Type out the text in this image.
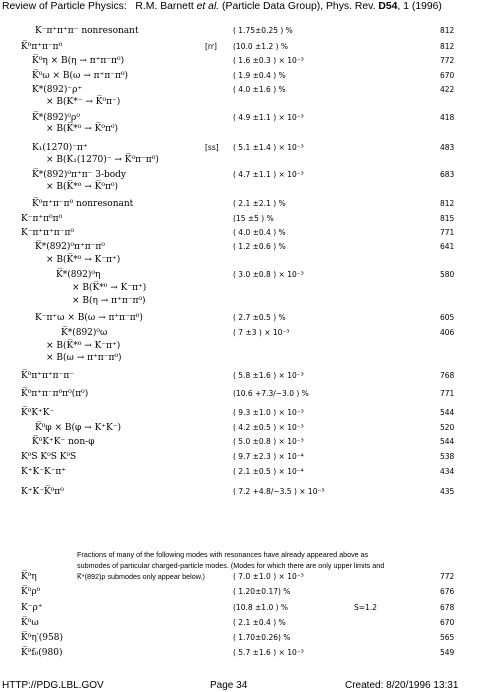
Review of Particle Physics: R.M. Barnett et al. (Particle Data Group), Phys. Rev. D54, 1 (1996)
K⁻π⁺π⁺π⁻ nonresonant	( 1.75±0.25 ) %	812
K̅⁰π⁺π⁻π⁰	[rr] (10.0 ±1.2 ) %	812
K̅⁰η × B(η → π⁺π⁻π⁰)	( 1.6 ±0.3 ) × 10⁻³	772
K̅⁰ω × B(ω → π⁺π⁻π⁰)	( 1.9 ±0.4 ) %	670
K*(892)⁻ρ⁺	( 4.0 ±1.6 ) %	422
× B(K*⁻ → K̅⁰π⁻)
K̅*(892)⁰ρ⁰	( 4.9 ±1.1 ) × 10⁻³	418
× B(K̅*⁰ → K̅⁰π⁰)
K₁(1270)⁻π⁺	[ss] ( 5.1 ±1.4 ) × 10⁻³	483
× B(K₁(1270)⁻ → K̅⁰π⁻π⁰)
K̅*(892)⁰π⁺π⁻ 3-body	( 4.7 ±1.1 ) × 10⁻³	683
× B(K̅*⁰ → K̅⁰π⁰)
K̅⁰π⁺π⁻π⁰ nonresonant	( 2.1 ±2.1 ) %	812
K⁻π⁺π⁰π⁰	(15 ±5 ) %	815
K⁻π⁺π⁺π⁻π⁰	( 4.0 ±0.4 ) %	771
K̅*(892)⁰π⁺π⁻π⁰	( 1.2 ±0.6 ) %	641
× B(K̅*⁰ → K⁻π⁺)
K̅*(892)⁰η	( 3.0 ±0.8 ) × 10⁻³	580
× B(K̅*⁰ → K⁻π⁺)
× B(η → π⁺π⁻π⁰)
K⁻π⁺ω × B(ω → π⁺π⁻π⁰)	( 2.7 ±0.5 ) %	605
K̅*(892)⁰ω	( 7 ±3 ) × 10⁻³	406
× B(K̅*⁰ → K⁻π⁺)
× B(ω → π⁺π⁻π⁰)
K̅⁰π⁺π⁺π⁻π⁻	( 5.8 ±1.6 ) × 10⁻³	768
K̅⁰π⁺π⁻π⁰π⁰(π⁰)	(10.6 +7.3/−3.0 ) %	771
K̅⁰K⁺K⁻	( 9.3 ±1.0 ) × 10⁻³	544
K̅⁰φ × B(φ → K⁺K⁻)	( 4.2 ±0.5 ) × 10⁻³	520
K̅⁰K⁺K⁻ non-φ	( 5.0 ±0.8 ) × 10⁻³	544
K⁰S K⁰S K⁰S	( 9.7 ±2.3 ) × 10⁻⁴	538
K⁺K⁻K⁻π⁺	( 2.1 ±0.5 ) × 10⁻⁴	434
K⁺K⁻K̅⁰π⁰	( 7.2 +4.8/−3.5 ) × 10⁻³	435
K̅⁰η	( 7.0 ±1.0 ) × 10⁻³	772
K̅⁰ρ⁰	( 1.20±0.17) %	676
K⁻ρ⁺	(10.8 ±1.0 ) %	S=1.2	678
K̅⁰ω	( 2.1 ±0.4 ) %	670
K̅⁰η′(958)	( 1.70±0.26) %	565
K̅⁰f₀(980)	( 5.7 ±1.6 ) × 10⁻³	549
Fractions of many of the following modes with resonances have already appeared above as submodes of particular charged-particle modes. (Modes for which there are only upper limits and K̅*(892)ρ submodes only appear below.)
HTTP://PDG.LBL.GOV	Page 34	Created: 8/20/1996 13:31
